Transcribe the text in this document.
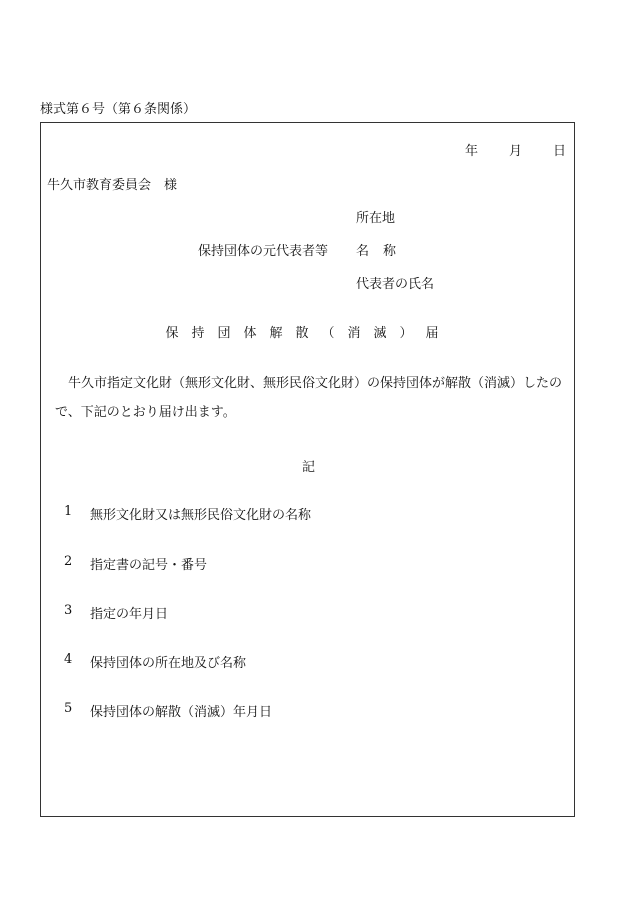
様式第６号（第６条関係）
年	月	日
牛久市教育委員会　様
所在地
保持団体の元代表者等 名 称
代表者の氏名
保持団体解散（消滅）届
牛久市指定文化財（無形文化財、無形民俗文化財）の保持団体が解散（消滅）したので、下記のとおり届け出ます。
記
1	無形文化財又は無形民俗文化財の名称
2	指定書の記号・番号
3	指定の年月日
4	保持団体の所在地及び名称
5	保持団体の解散（消滅）年月日
